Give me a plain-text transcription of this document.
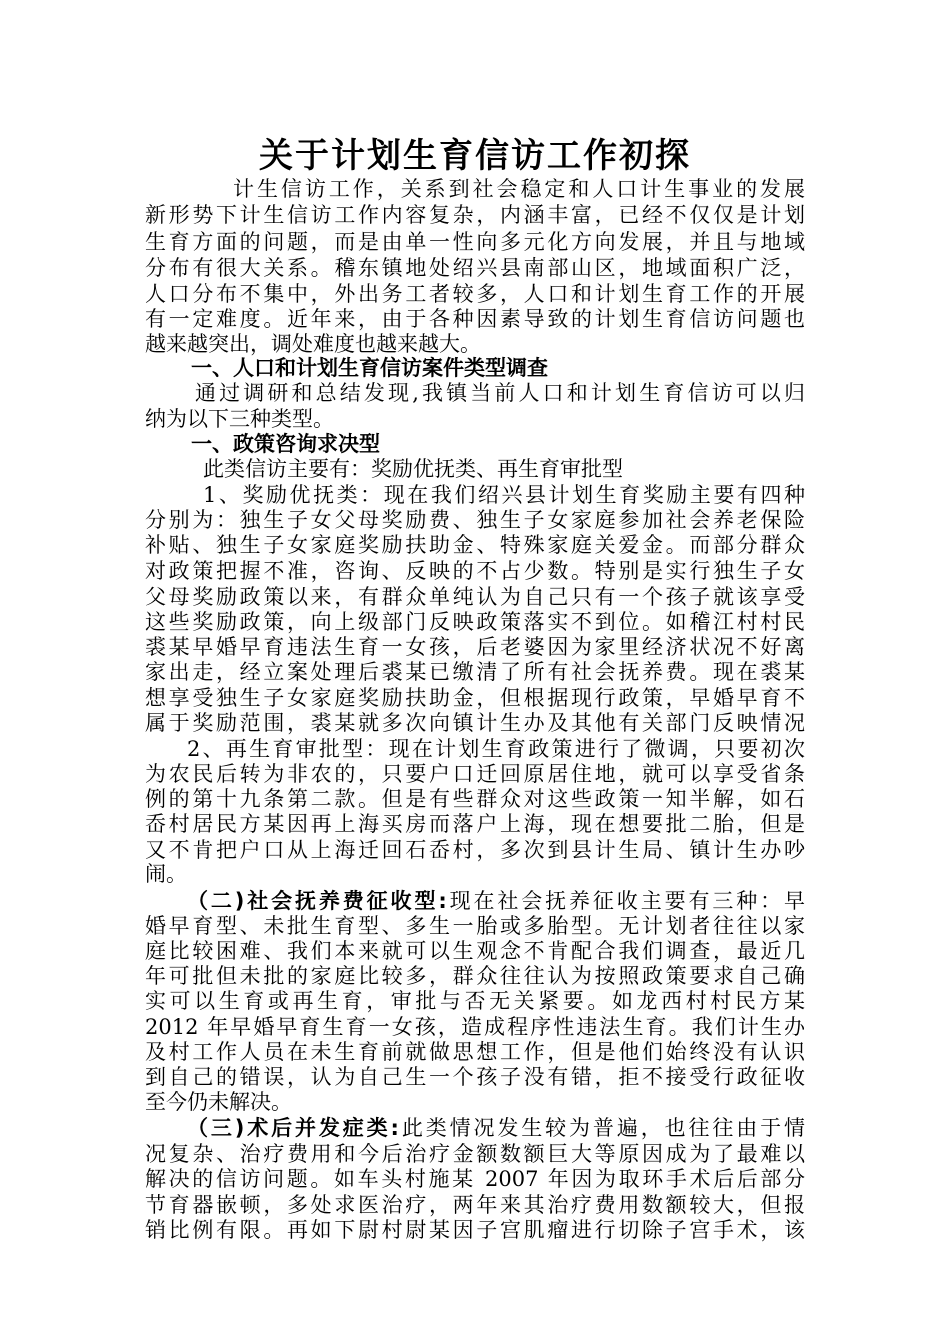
关于计划生育信访工作初探
计生信访工作，关系到社会稳定和人口计生事业的发展
新形势下计生信访工作内容复杂，内涵丰富，已经不仅仅是计划
生育方面的问题，而是由单一性向多元化方向发展，并且与地域
分布有很大关系。稽东镇地处绍兴县南部山区，地域面积广泛，
人口分布不集中，外出务工者较多，人口和计划生育工作的开展
有一定难度。近年来，由于各种因素导致的计划生育信访问题也
越来越突出，调处难度也越来越大。
一、人口和计划生育信访案件类型调查
通过调研和总结发现,我镇当前人口和计划生育信访可以归
纳为以下三种类型。
一、政策咨询求决型
此类信访主要有：奖励优抚类、再生育审批型
1、奖励优抚类：现在我们绍兴县计划生育奖励主要有四种
分别为：独生子女父母奖励费、独生子女家庭参加社会养老保险
补贴、独生子女家庭奖励扶助金、特殊家庭关爱金。而部分群众
对政策把握不准，咨询、反映的不占少数。特别是实行独生子女
父母奖励政策以来，有群众单纯认为自己只有一个孩子就该享受
这些奖励政策，向上级部门反映政策落实不到位。如稽江村村民
裘某早婚早育违法生育一女孩，后老婆因为家里经济状况不好离
家出走，经立案处理后裘某已缴清了所有社会抚养费。现在裘某
想享受独生子女家庭奖励扶助金，但根据现行政策，早婚早育不
属于奖励范围，裘某就多次向镇计生办及其他有关部门反映情况
2、再生育审批型：现在计划生育政策进行了微调，只要初次
为农民后转为非农的，只要户口迁回原居住地，就可以享受省条
例的第十九条第二款。但是有些群众对这些政策一知半解，如石
岙村居民方某因再上海买房而落户上海，现在想要批二胎，但是
又不肯把户口从上海迁回石岙村，多次到县计生局、镇计生办吵
闹。
（二)社会抚养费征收型:现在社会抚养征收主要有三种：早
婚早育型、未批生育型、多生一胎或多胎型。无计划者往往以家
庭比较困难、我们本来就可以生观念不肯配合我们调查，最近几
年可批但未批的家庭比较多，群众往往认为按照政策要求自己确
实可以生育或再生育，审批与否无关紧要。如龙西村村民方某
2012 年早婚早育生育一女孩，造成程序性违法生育。我们计生办
及村工作人员在未生育前就做思想工作，但是他们始终没有认识
到自己的错误，认为自己生一个孩子没有错，拒不接受行政征收
至今仍未解决。
（三)术后并发症类:此类情况发生较为普遍，也往往由于情
况复杂、治疗费用和今后治疗金额数额巨大等原因成为了最难以
解决的信访问题。如车头村施某 2007 年因为取环手术后后部分
节育器嵌顿，多处求医治疗，两年来其治疗费用数额较大，但报
销比例有限。再如下尉村尉某因子宫肌瘤进行切除子宫手术，该
